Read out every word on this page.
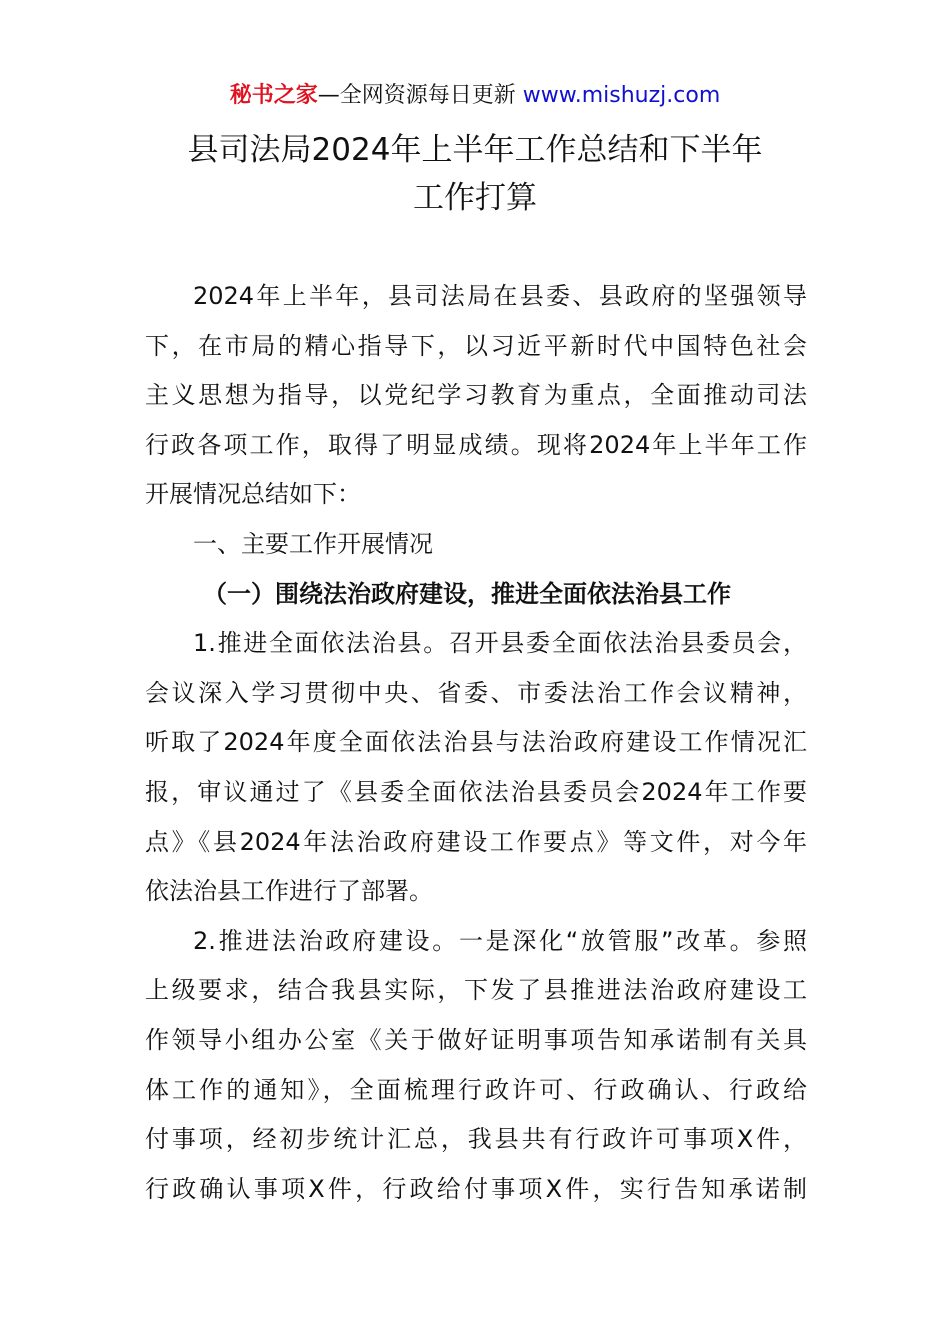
秘书之家—全网资源每日更新 www.mishuzj.com
县司法局2024年上半年工作总结和下半年
工作打算
2024年上半年，县司法局在县委、县政府的坚强领导
下，在市局的精心指导下，以习近平新时代中国特色社会
主义思想为指导，以党纪学习教育为重点，全面推动司法
行政各项工作，取得了明显成绩。现将2024年上半年工作
开展情况总结如下：
一、主要工作开展情况
（一）围绕法治政府建设，推进全面依法治县工作
1.推进全面依法治县。召开县委全面依法治县委员会，
会议深入学习贯彻中央、省委、市委法治工作会议精神，
听取了2024年度全面依法治县与法治政府建设工作情况汇
报，审议通过了《县委全面依法治县委员会2024年工作要
点》《县2024年法治政府建设工作要点》等文件，对今年
依法治县工作进行了部署。
2.推进法治政府建设。一是深化“放管服”改革。参照
上级要求，结合我县实际，下发了县推进法治政府建设工
作领导小组办公室《关于做好证明事项告知承诺制有关具
体工作的通知》，全面梳理行政许可、行政确认、行政给
付事项，经初步统计汇总，我县共有行政许可事项X件，
行政确认事项X件，行政给付事项X件，实行告知承诺制
